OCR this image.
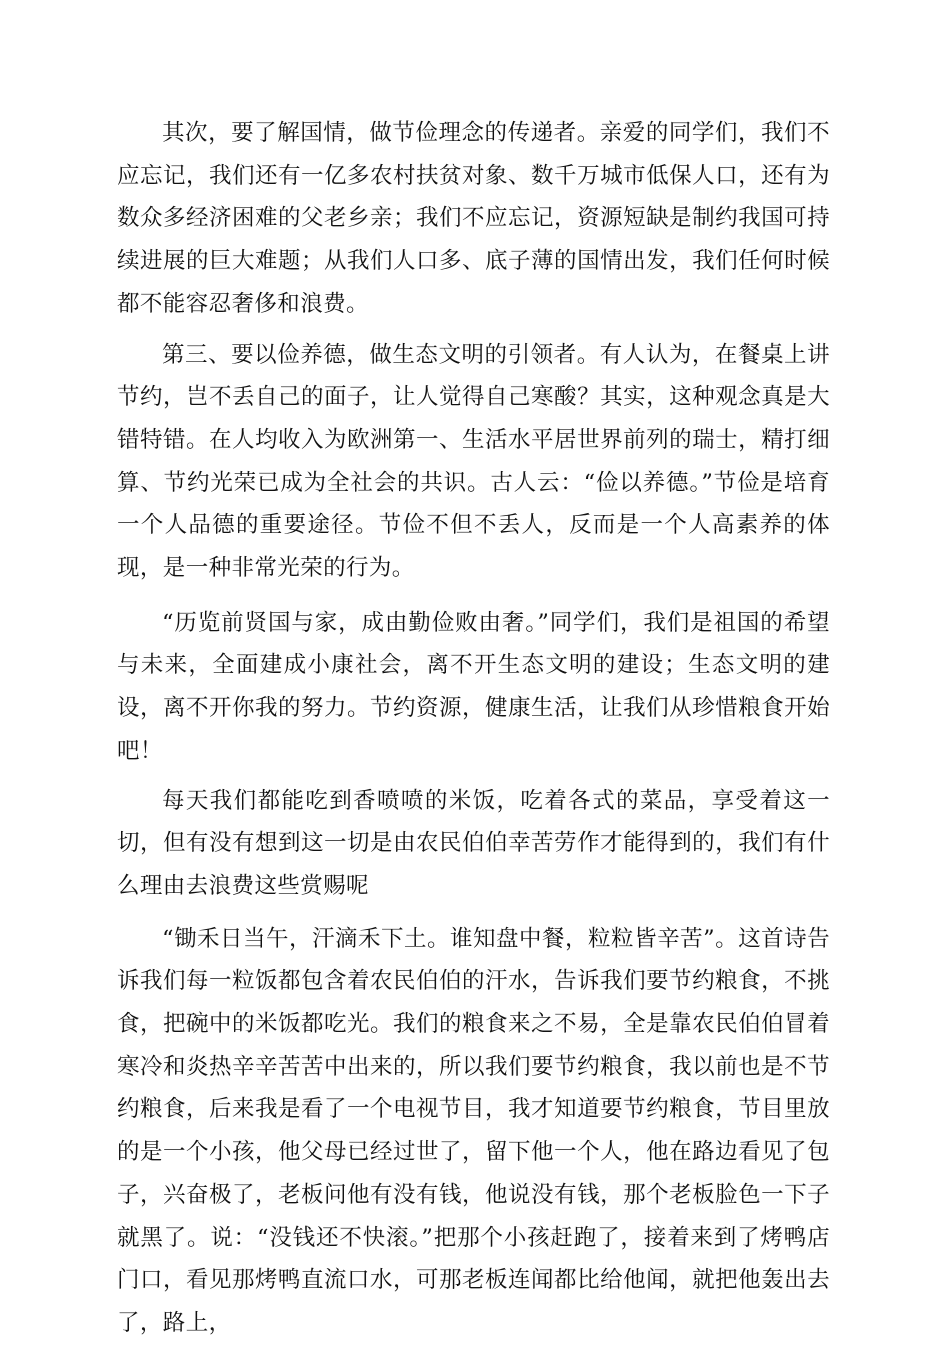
其次，要了解国情，做节俭理念的传递者。亲爱的同学们，我们不应忘记，我们还有一亿多农村扶贫对象、数千万城市低保人口，还有为数众多经济困难的父老乡亲；我们不应忘记，资源短缺是制约我国可持续进展的巨大难题；从我们人口多、底子薄的国情出发，我们任何时候都不能容忍奢侈和浪费。

第三、要以俭养德，做生态文明的引领者。有人认为，在餐桌上讲节约，岂不丢自己的面子，让人觉得自己寒酸？其实，这种观念真是大错特错。在人均收入为欧洲第一、生活水平居世界前列的瑞士，精打细算、节约光荣已成为全社会的共识。古人云：“俭以养德。”节俭是培育一个人品德的重要途径。节俭不但不丢人，反而是一个人高素养的体现，是一种非常光荣的行为。

“历览前贤国与家，成由勤俭败由奢。”同学们，我们是祖国的希望与未来，全面建成小康社会，离不开生态文明的建设；生态文明的建设，离不开你我的努力。节约资源，健康生活，让我们从珍惜粮食开始吧！

每天我们都能吃到香喷喷的米饭，吃着各式的菜品，享受着这一切，但有没有想到这一切是由农民伯伯幸苦劳作才能得到的，我们有什么理由去浪费这些赏赐呢

“锄禾日当午，汗滴禾下土。谁知盘中餐，粒粒皆辛苦”。这首诗告诉我们每一粒饭都包含着农民伯伯的汗水，告诉我们要节约粮食，不挑食，把碗中的米饭都吃光。我们的粮食来之不易，全是靠农民伯伯冒着寒冷和炎热辛辛苦苦中出来的，所以我们要节约粮食，我以前也是不节约粮食，后来我是看了一个电视节目，我才知道要节约粮食，节目里放的是一个小孩，他父母已经过世了，留下他一个人，他在路边看见了包子，兴奋极了，老板问他有没有钱，他说没有钱，那个老板脸色一下子就黑了。说：“没钱还不快滚。”把那个小孩赶跑了，接着来到了烤鸭店门口，看见那烤鸭直流口水，可那老板连闻都比给他闻，就把他轰出去了，路上，
